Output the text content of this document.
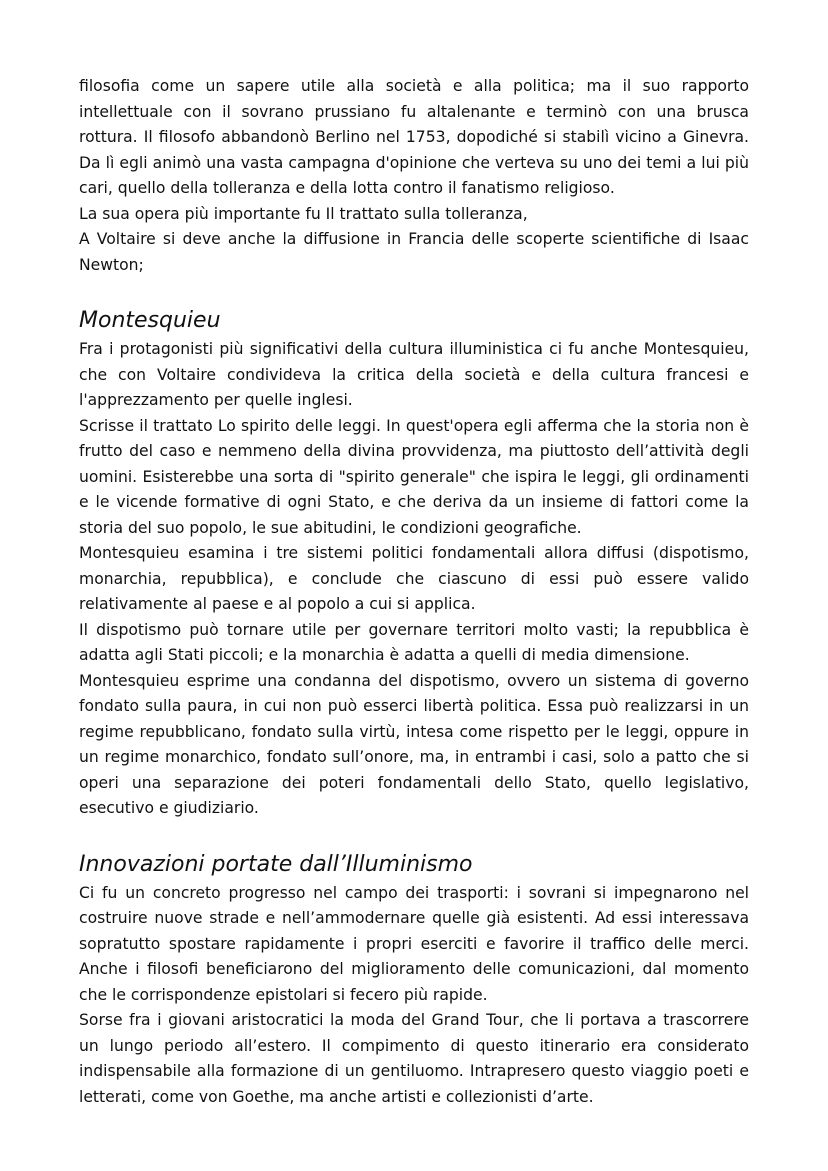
filosofia come un sapere utile alla società e alla politica; ma il suo rapporto intellettuale con il sovrano prussiano fu altalenante e terminò con una brusca rottura. Il filosofo abbandonò Berlino nel 1753, dopodiché si stabilì vicino a Ginevra. Da lì egli animò una vasta campagna d'opinione che verteva su uno dei temi a lui più cari, quello della tolleranza e della lotta contro il fanatismo religioso.

La sua opera più importante fu Il trattato sulla tolleranza,

A Voltaire si deve anche la diffusione in Francia delle scoperte scientifiche di Isaac Newton;

Montesquieu

Fra i protagonisti più significativi della cultura illuministica ci fu anche Montesquieu, che con Voltaire condivideva la critica della società e della cultura francesi e l'apprezzamento per quelle inglesi.

Scrisse il trattato Lo spirito delle leggi. In quest'opera egli afferma che la storia non è frutto del caso e nemmeno della divina provvidenza, ma piuttosto dell’attività degli uomini. Esisterebbe una sorta di "spirito generale" che ispira le leggi, gli ordinamenti e le vicende formative di ogni Stato, e che deriva da un insieme di fattori come la storia del suo popolo, le sue abitudini, le condizioni geografiche.

Montesquieu esamina i tre sistemi politici fondamentali allora diffusi (dispotismo, monarchia, repubblica), e conclude che ciascuno di essi può essere valido relativamente al paese e al popolo a cui si applica.

Il dispotismo può tornare utile per governare territori molto vasti; la repubblica è adatta agli Stati piccoli; e la monarchia è adatta a quelli di media dimensione.

Montesquieu esprime una condanna del dispotismo, ovvero un sistema di governo fondato sulla paura, in cui non può esserci libertà politica. Essa può realizzarsi in un regime repubblicano, fondato sulla virtù, intesa come rispetto per le leggi, oppure in un regime monarchico, fondato sull’onore, ma, in entrambi i casi, solo a patto che si operi una separazione dei poteri fondamentali dello Stato, quello legislativo, esecutivo e giudiziario.

Innovazioni portate dall’Illuminismo

Ci fu un concreto progresso nel campo dei trasporti: i sovrani si impegnarono nel costruire nuove strade e nell’ammodernare quelle già esistenti. Ad essi interessava sopratutto spostare rapidamente i propri eserciti e favorire il traffico delle merci. Anche i filosofi beneficiarono del miglioramento delle comunicazioni, dal momento che le corrispondenze epistolari si fecero più rapide.

Sorse fra i giovani aristocratici la moda del Grand Tour, che li portava a trascorrere un lungo periodo all’estero. Il compimento di questo itinerario era considerato indispensabile alla formazione di un gentiluomo. Intrapresero questo viaggio poeti e letterati, come von Goethe, ma anche artisti e collezionisti d’arte.
